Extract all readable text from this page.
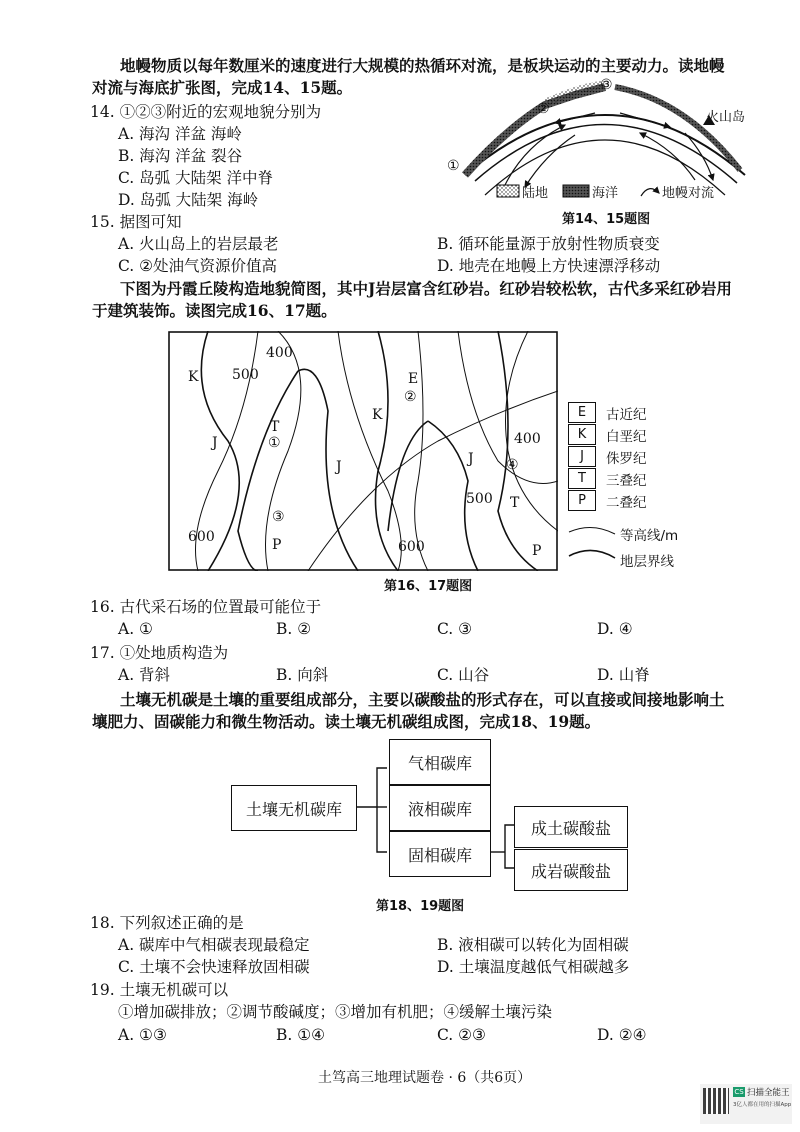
地幔物质以每年数厘米的速度进行大规模的热循环对流，是板块运动的主要动力。读地幔
对流与海底扩张图，完成14、15题。
14. ①②③附近的宏观地貌分别为
A. 海沟 洋盆 海岭
B. 海沟 洋盆 裂谷
C. 岛弧 大陆架 洋中脊
D. 岛弧 大陆架 海岭
①
②
③
火山岛
陆地	海洋	地幔对流
第14、15题图
15. 据图可知
A. 火山岛上的岩层最老	B. 循环能量源于放射性物质衰变
C. ②处油气资源价值高	D. 地壳在地幔上方快速漂浮移动
下图为丹霞丘陵构造地貌简图，其中J岩层富含红砂岩。红砂岩较松软，古代多采红砂岩用
于建筑装饰。读图完成16、17题。
400
500
400
500
600
600
K
K
J
J	J
T
T
E
P	P
①
②
③
④
E	古近纪
K	白垩纪
J	侏罗纪
T	三叠纪
P	二叠纪
等高线/m
地层界线
第16、17题图
16. 古代采石场的位置最可能位于
A. ①	B. ②	C. ③	D. ④
17. ①处地质构造为
A. 背斜	B. 向斜	C. 山谷	D. 山脊
土壤无机碳是土壤的重要组成部分，主要以碳酸盐的形式存在，可以直接或间接地影响土
壤肥力、固碳能力和微生物活动。读土壤无机碳组成图，完成18、19题。
土壤无机碳库
气相碳库
液相碳库
固相碳库
成土碳酸盐
成岩碳酸盐
第18、19题图
18. 下列叙述正确的是
A. 碳库中气相碳表现最稳定	B. 液相碳可以转化为固相碳
C. 土壤不会快速释放固相碳	D. 土壤温度越低气相碳越多
19. 土壤无机碳可以
①增加碳排放；②调节酸碱度；③增加有机肥；④缓解土壤污染
A. ①③	B. ①④	C. ②③	D. ②④
土笃高三地理试题卷 · 6（共6页）
CS 扫描全能王
3亿人都在用的扫描App
